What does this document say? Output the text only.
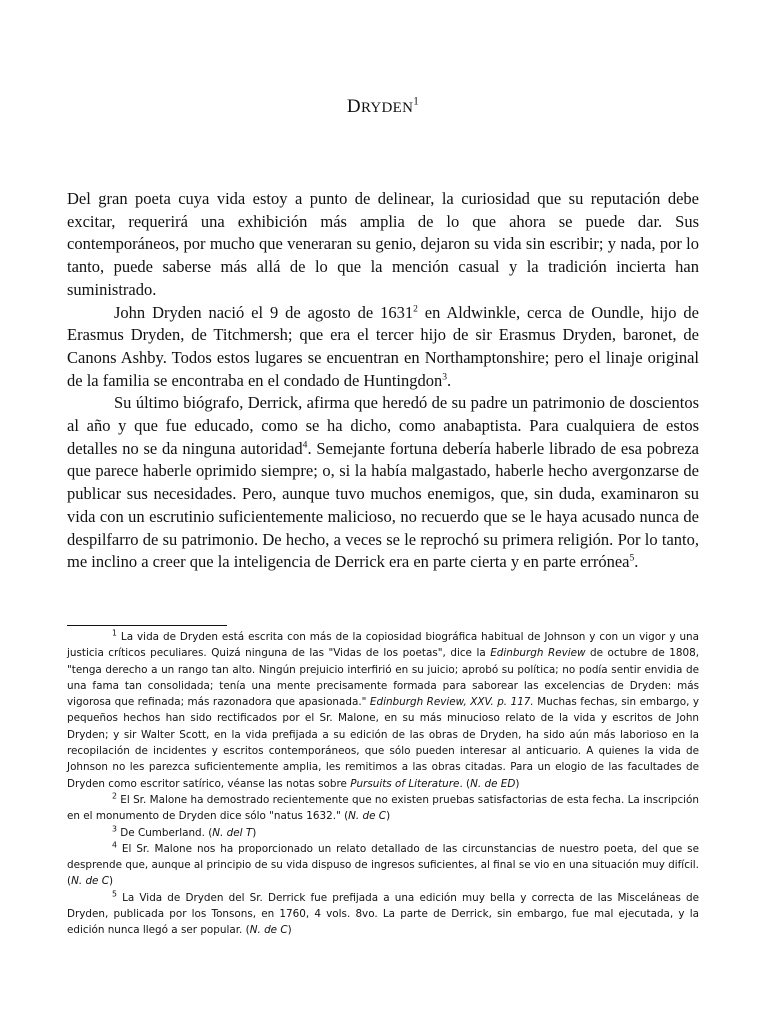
DRYDEN$^1$

Del gran poeta cuya vida estoy a punto de delinear, la curiosidad que su reputación debe excitar, requerirá una exhibición más amplia de lo que ahora se puede dar. Sus contemporáneos, por mucho que veneraran su genio, dejaron su vida sin escribir; y nada, por lo tanto, puede saberse más allá de lo que la mención casual y la tradición incierta han suministrado.

John Dryden nació el 9 de agosto de 1631$^2$ en Aldwinkle, cerca de Oundle, hijo de Erasmus Dryden, de Titchmersh; que era el tercer hijo de sir Erasmus Dryden, baronet, de Canons Ashby. Todos estos lugares se encuentran en Northamptonshire; pero el linaje original de la familia se encontraba en el condado de Huntingdon$^3$.

Su último biógrafo, Derrick, afirma que heredó de su padre un patrimonio de doscientos al año y que fue educado, como se ha dicho, como anabaptista. Para cualquiera de estos detalles no se da ninguna autoridad$^4$. Semejante fortuna debería haberle librado de esa pobreza que parece haberle oprimido siempre; o, si la había malgastado, haberle hecho avergonzarse de publicar sus necesidades. Pero, aunque tuvo muchos enemigos, que, sin duda, examinaron su vida con un escrutinio suficientemente malicioso, no recuerdo que se le haya acusado nunca de despilfarro de su patrimonio. De hecho, a veces se le reprochó su primera religión. Por lo tanto, me inclino a creer que la inteligencia de Derrick era en parte cierta y en parte errónea$^5$.

$^1$ La vida de Dryden está escrita con más de la copiosidad biográfica habitual de Johnson y con un vigor y una justicia críticos peculiares. Quizá ninguna de las "Vidas de los poetas", dice la Edinburgh Review de octubre de 1808, "tenga derecho a un rango tan alto. Ningún prejuicio interfirió en su juicio; aprobó su política; no podía sentir envidia de una fama tan consolidada; tenía una mente precisamente formada para saborear las excelencias de Dryden: más vigorosa que refinada; más razonadora que apasionada." Edinburgh Review, XXV. p. 117. Muchas fechas, sin embargo, y pequeños hechos han sido rectificados por el Sr. Malone, en su más minucioso relato de la vida y escritos de John Dryden; y sir Walter Scott, en la vida prefijada a su edición de las obras de Dryden, ha sido aún más laborioso en la recopilación de incidentes y escritos contemporáneos, que sólo pueden interesar al anticuario. A quienes la vida de Johnson no les parezca suficientemente amplia, les remitimos a las obras citadas. Para un elogio de las facultades de Dryden como escritor satírico, véanse las notas sobre Pursuits of Literature. (N. de ED)

$^2$ El Sr. Malone ha demostrado recientemente que no existen pruebas satisfactorias de esta fecha. La inscripción en el monumento de Dryden dice sólo "natus 1632." (N. de C)

$^3$ De Cumberland. (N. del T)

$^4$ El Sr. Malone nos ha proporcionado un relato detallado de las circunstancias de nuestro poeta, del que se desprende que, aunque al principio de su vida dispuso de ingresos suficientes, al final se vio en una situación muy difícil. (N. de C)

$^5$ La Vida de Dryden del Sr. Derrick fue prefijada a una edición muy bella y correcta de las Misceláneas de Dryden, publicada por los Tonsons, en 1760, 4 vols. 8vo. La parte de Derrick, sin embargo, fue mal ejecutada, y la edición nunca llegó a ser popular. (N. de C)
